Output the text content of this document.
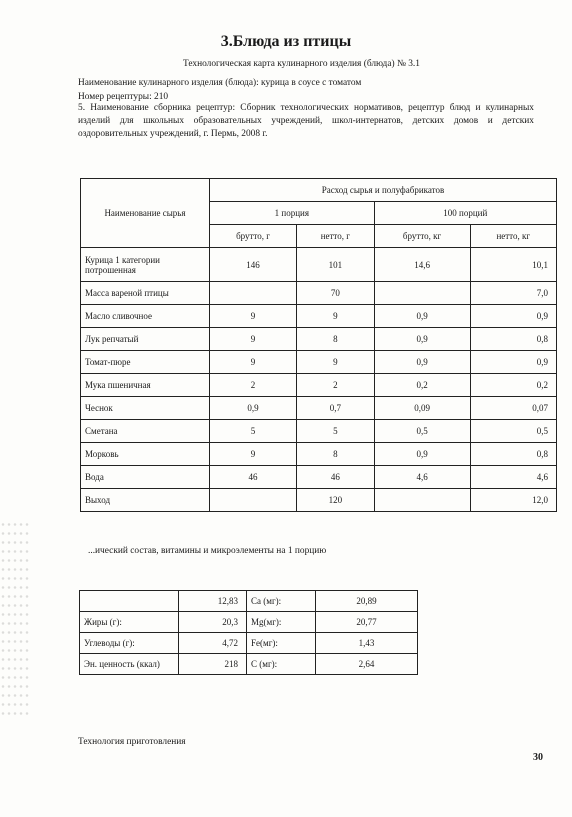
3.Блюда из птицы
Технологическая карта кулинарного изделия (блюда) № 3.1
Наименование кулинарного изделия (блюда): курица в соусе с томатом
Номер рецептуры: 210
5. Наименование сборника рецептур: Сборник технологических нормативов, рецептур блюд и кулинарных изделий для школьных образовательных учреждений, школ-интернатов, детских домов и детских оздоровительных учреждений, г. Пермь, 2008 г.
Наименование сырья	Расход сырья и полуфабрикатов			
	1 порция		100 порций	
	брутто, г	нетто, г	брутто, кг	нетто, кг
Курица 1 категории потрошенная	146	101	14,6	10,1
Масса вареной птицы		70		7,0
Масло сливочное	9	9	0,9	0,9
Лук репчатый	9	8	0,9	0,8
Томат-пюре	9	9	0,9	0,9
Мука пшеничная	2	2	0,2	0,2
Чеснок	0,9	0,7	0,09	0,07
Сметана	5	5	0,5	0,5
Морковь	9	8	0,9	0,8
Вода	46	46	4,6	4,6
Выход		120		12,0
...ический состав, витамины и микроэлементы на 1 порцию
	12,83	Ca (мг):	20,89
Жиры (г):	20,3	Mg(мг):	20,77
Углеводы (г):	4,72	Fe(мг):	1,43
Эн. ценность (ккал)	218	C (мг):	2,64
Технология приготовления
30
